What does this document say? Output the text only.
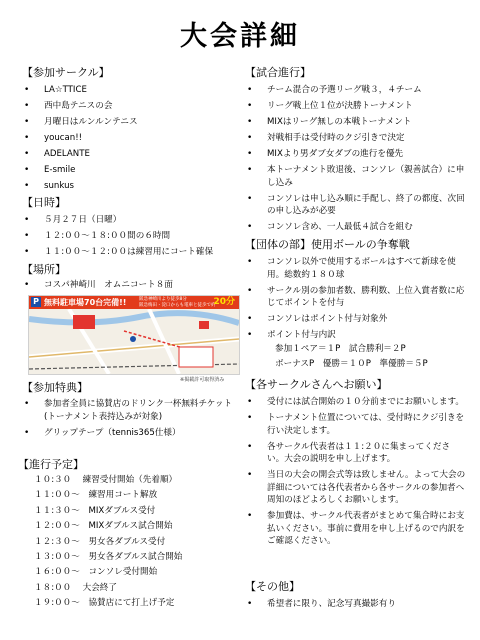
大会詳細
【参加サークル】
• LA☆TTICE
• 西中島テニスの会
• 月曜日はルンルンテニス
• youcan!!
• ADELANTE
• E-smile
• sunkus
【日時】
• ５月２７日（日曜）
• １２:００～１８:００間の６時間
• １１:００～１２:００は練習用にコート確保
【場所】
• コスパ神崎川　オムニコート８面
P 無料駐車場70台完備!!	阪急神崎川より徒歩8分
阪急梅田・淀口からも電車と徒歩で約
20分
※掲載許可取得済み
【参加特典】
• 参加者全員に協賛店のドリンク一杯無料チケット(トーナメント表持込みが対象)
• グリップテープ（tennis365仕様）
【進行予定】
１０:３０　 練習受付開始（先着順）
１１:００～　練習用コート解放
１１:３０～　MIXダブルス受付
１２:００～　MIXダブルス試合開始
１２:３０～　男女各ダブルス受付
１３:００～　男女各ダブルス試合開始
１６:００～　コンソレ受付開始
１８:００　 大会終了
１９:００～　協賛店にて打上げ予定
【試合進行】
• チーム混合の予選リーグ戦３，４チーム
• リーグ戦上位１位が決勝トーナメント
• MIXはリーグ無しの本戦トーナメント
• 対戦相手は受付時のクジ引きで決定
• MIXより男ダブ女ダブの進行を優先
• 本トーナメント敗退後、コンソレ（親善試合）に申し込み
• コンソレは申し込み順に手配し、終了の都度、次回の申し込みが必要
• コンソレ含め、一人最低４試合を組む
【団体の部】使用ボールの争奪戦
• コンソレ以外で使用するボールはすべて新球を使用。総数約１８０球
• サークル別の参加者数、勝利数、上位入賞者数に応じてポイントを付与
• コンソレはポイント付与対象外
• ポイント付与内訳
参加１ペア＝１P　試合勝利＝２P
ボーナスP　優勝＝１０P　準優勝＝５P
【各サークルさんへお願い】
• 受付には試合開始の１０分前までにお願いします。
• トーナメント位置については、受付時にクジ引きを行い決定します。
• 各サークル代表者は１１:２０に集まってください。大会の説明を申し上げます。
• 当日の大会の開会式等は致しません。よって大会の詳細については各代表者から各サークルの参加者へ周知のほどよろしくお願いします。
• 参加費は、サークル代表者がまとめて集合時にお支払いください。事前に費用を申し上げるので内訳をご確認ください。
【その他】
• 希望者に限り、記念写真撮影有り
